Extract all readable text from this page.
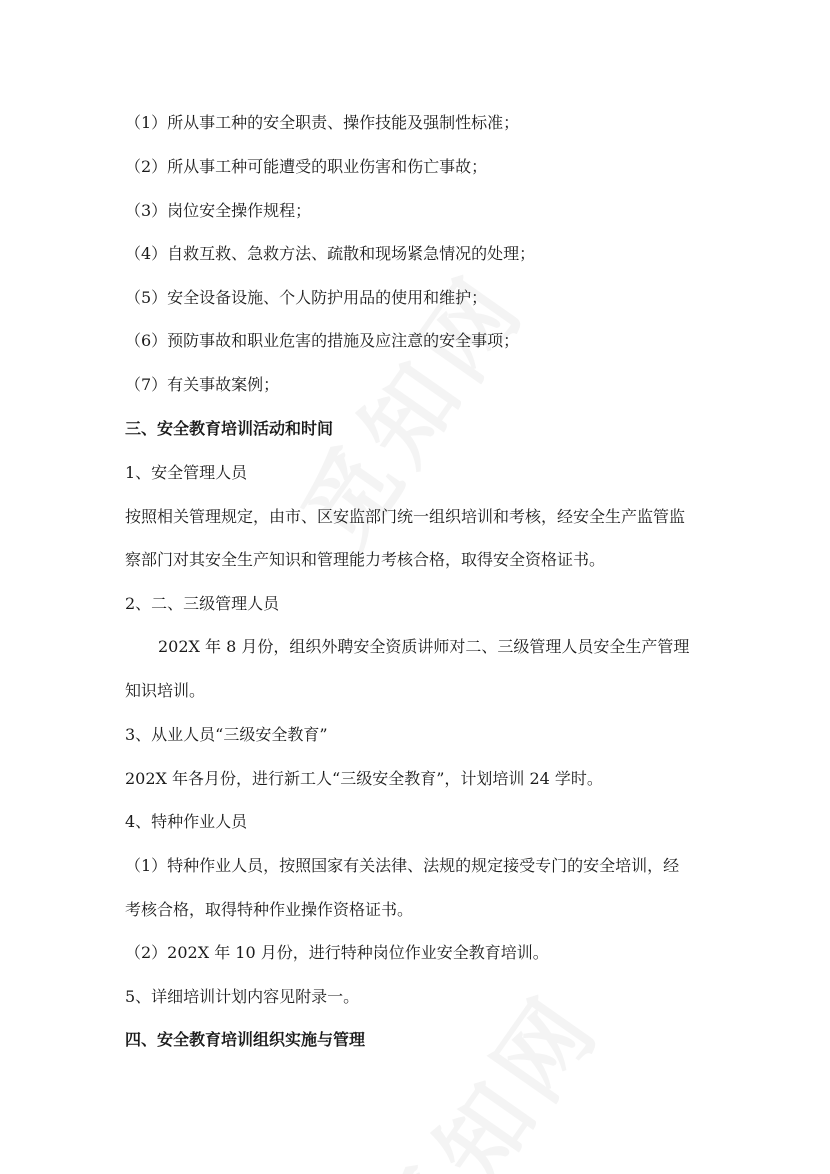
（1）所从事工种的安全职责、操作技能及强制性标准；
（2）所从事工种可能遭受的职业伤害和伤亡事故；
（3）岗位安全操作规程；
（4）自救互救、急救方法、疏散和现场紧急情况的处理；
（5）安全设备设施、个人防护用品的使用和维护；
（6）预防事故和职业危害的措施及应注意的安全事项；
（7）有关事故案例；
三、安全教育培训活动和时间
1、安全管理人员
按照相关管理规定，由市、区安监部门统一组织培训和考核，经安全生产监管监
察部门对其安全生产知识和管理能力考核合格，取得安全资格证书。
2、二、三级管理人员
202X 年 8 月份，组织外聘安全资质讲师对二、三级管理人员安全生产管理
知识培训。
3、从业人员“三级安全教育”
202X 年各月份，进行新工人“三级安全教育”，计划培训 24 学时。
4、特种作业人员
（1）特种作业人员，按照国家有关法律、法规的规定接受专门的安全培训，经
考核合格，取得特种作业操作资格证书。
（2）202X 年 10 月份，进行特种岗位作业安全教育培训。
5、详细培训计划内容见附录一。
四、安全教育培训组织实施与管理
